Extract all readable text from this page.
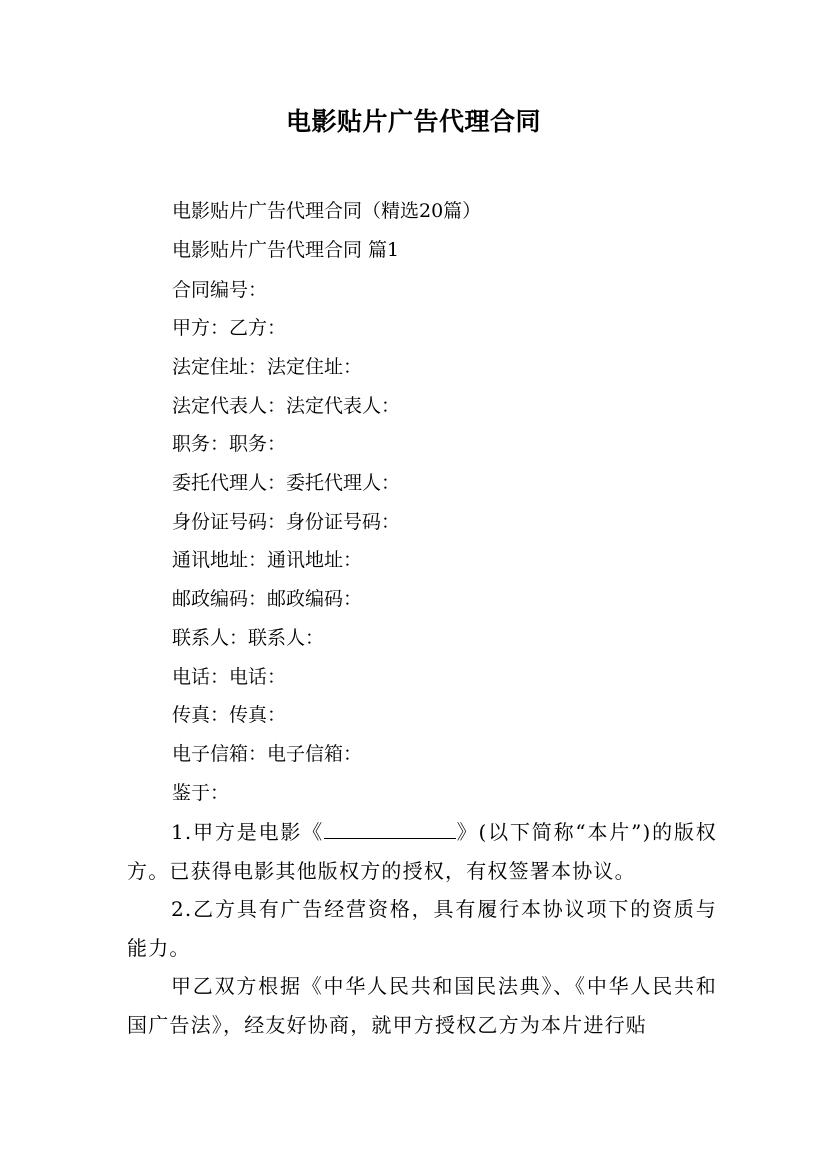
电影贴片广告代理合同
电影贴片广告代理合同（精选20篇）
电影贴片广告代理合同 篇1
合同编号：
甲方：乙方：
法定住址：法定住址：
法定代表人：法定代表人：
职务：职务：
委托代理人：委托代理人：
身份证号码：身份证号码：
通讯地址：通讯地址：
邮政编码：邮政编码：
联系人：联系人：
电话：电话：
传真：传真：
电子信箱：电子信箱：
鉴于：
1.甲方是电影《	》(以下简称“本片”)的版权方。已获得电影其他版权方的授权，有权签署本协议。
2.乙方具有广告经营资格，具有履行本协议项下的资质与能力。
甲乙双方根据《中华人民共和国民法典》、《中华人民共和国广告法》，经友好协商，就甲方授权乙方为本片进行贴
